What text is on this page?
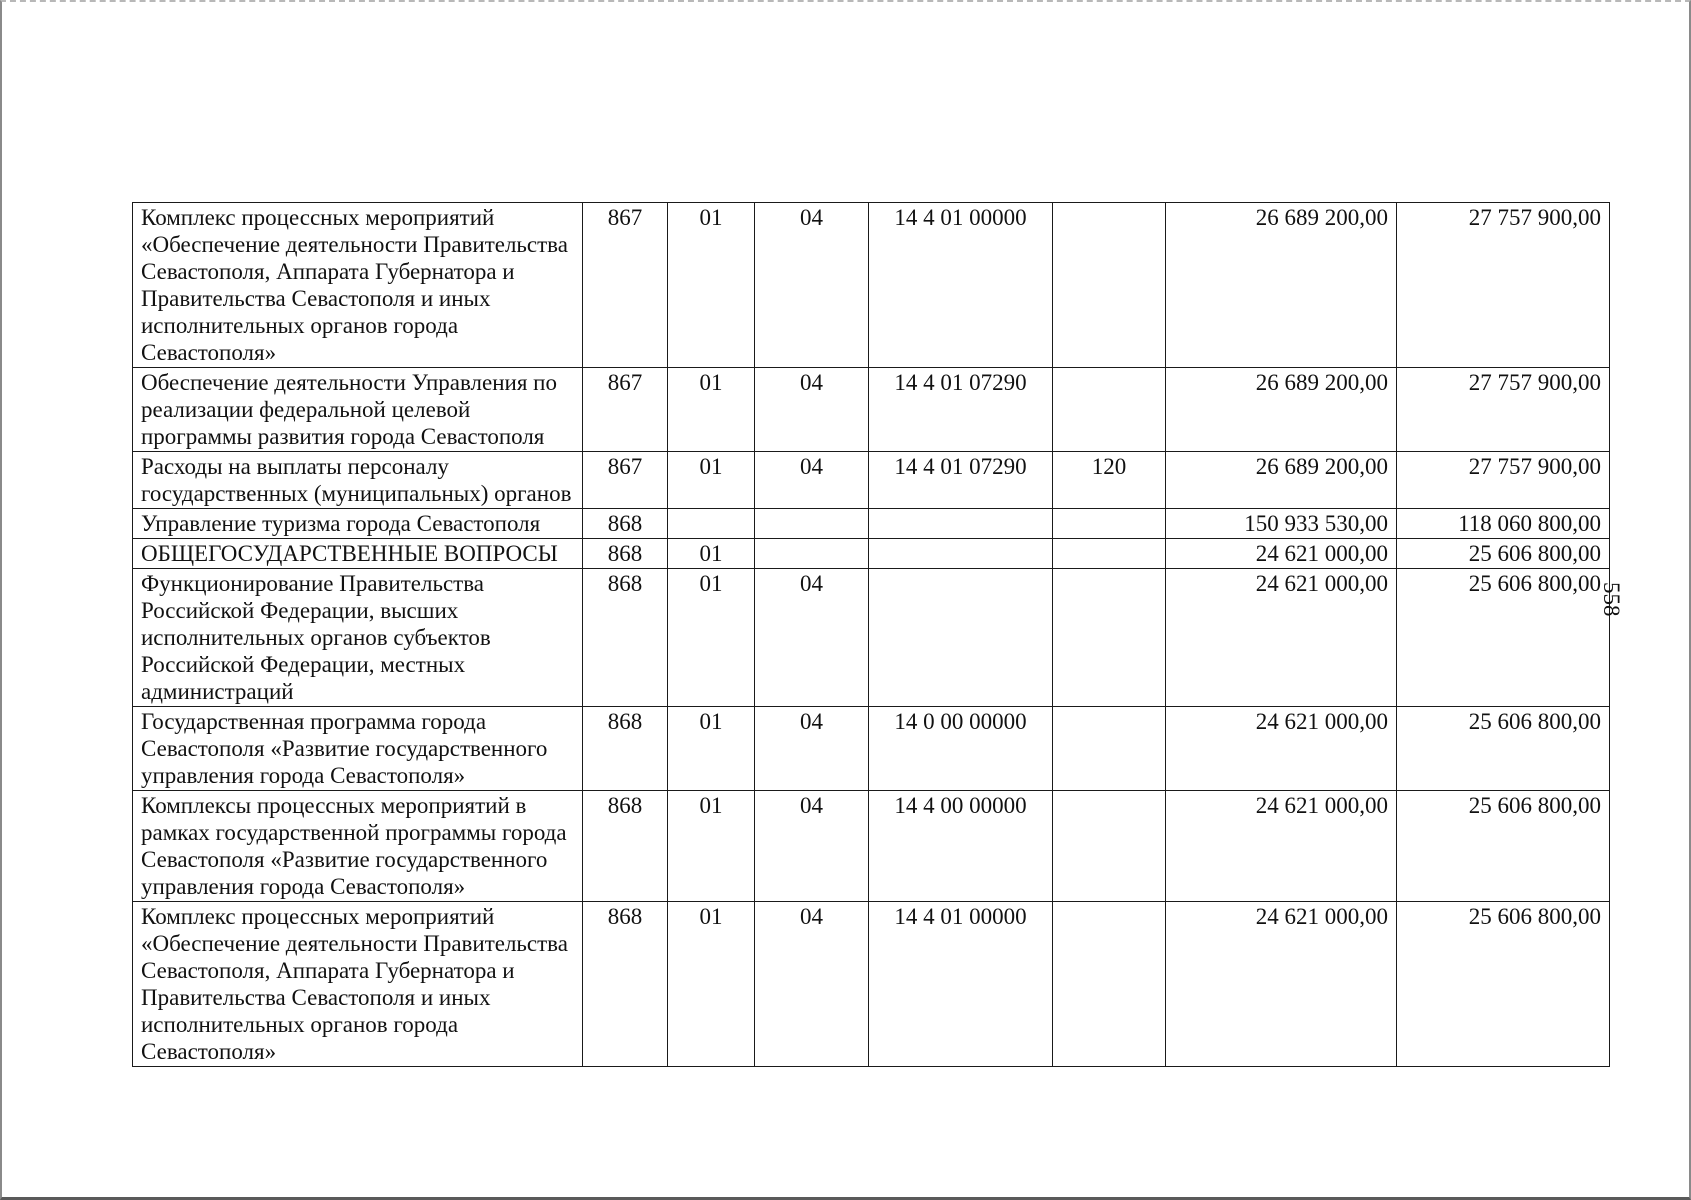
Комплекс процессных мероприятий «Обеспечение деятельности Правительства Севастополя, Аппарата Губернатора и Правительства Севастополя и иных исполнительных органов города Севастополя»	867	01	04	14 4 01 00000		26 689 200,00	27 757 900,00
Обеспечение деятельности Управления по реализации федеральной целевой программы развития города Севастополя	867	01	04	14 4 01 07290		26 689 200,00	27 757 900,00
Расходы на выплаты персоналу государственных (муниципальных) органов	867	01	04	14 4 01 07290	120	26 689 200,00	27 757 900,00
Управление туризма города Севастополя	868					150 933 530,00	118 060 800,00
ОБЩЕГОСУДАРСТВЕННЫЕ ВОПРОСЫ	868	01				24 621 000,00	25 606 800,00
Функционирование Правительства Российской Федерации, высших исполнительных органов субъектов Российской Федерации, местных администраций	868	01	04			24 621 000,00	25 606 800,00
Государственная программа города Севастополя «Развитие государственного управления города Севастополя»	868	01	04	14 0 00 00000		24 621 000,00	25 606 800,00
Комплексы процессных мероприятий в рамках государственной программы города Севастополя «Развитие государственного управления города Севастополя»	868	01	04	14 4 00 00000		24 621 000,00	25 606 800,00
Комплекс процессных мероприятий «Обеспечение деятельности Правительства Севастополя, Аппарата Губернатора и Правительства Севастополя и иных исполнительных органов города Севастополя»	868	01	04	14 4 01 00000		24 621 000,00	25 606 800,00
558
